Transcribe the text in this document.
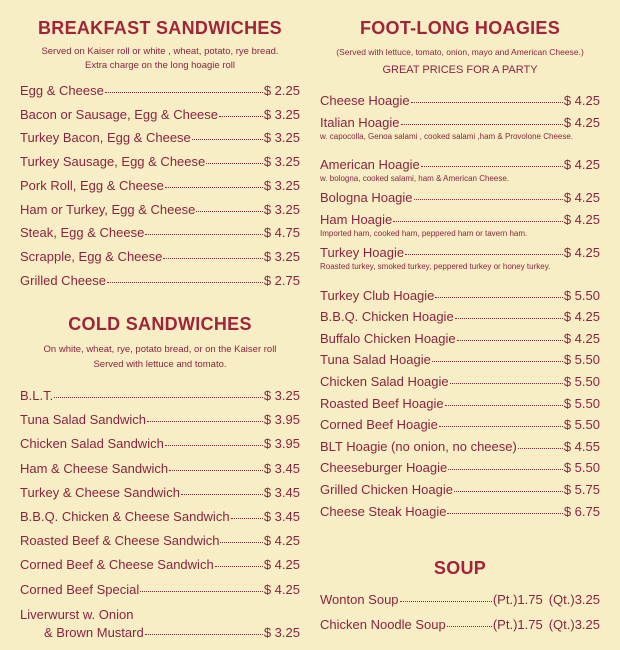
BREAKFAST SANDWICHES
Served on Kaiser roll or white , wheat, potato, rye bread.
Extra charge on the long hoagie roll
Egg & Cheese	$ 2.25
Bacon or Sausage, Egg & Cheese	$ 3.25
Turkey Bacon, Egg & Cheese	$ 3.25
Turkey Sausage, Egg & Cheese	$ 3.25
Pork Roll, Egg & Cheese	$ 3.25
Ham or Turkey, Egg & Cheese	$ 3.25
Steak, Egg & Cheese	$ 4.75
Scrapple, Egg & Cheese	$ 3.25
Grilled Cheese	$ 2.75
COLD SANDWICHES
On white, wheat, rye, potato bread, or on the Kaiser roll
Served with lettuce and tomato.
B.L.T.	$ 3.25
Tuna Salad Sandwich	$ 3.95
Chicken Salad Sandwich	$ 3.95
Ham & Cheese Sandwich	$ 3.45
Turkey & Cheese Sandwich	$ 3.45
B.B.Q. Chicken & Cheese Sandwich	$ 3.45
Roasted Beef & Cheese Sandwich	$ 4.25
Corned Beef & Cheese Sandwich	$ 4.25
Corned Beef Special	$ 4.25
Liverwurst w. Onion
& Brown Mustard	$ 3.25
FOOT-LONG HOAGIES
(Served with lettuce, tomato, onion, mayo and American Cheese.)
GREAT PRICES FOR A PARTY
Cheese Hoagie	$ 4.25
Italian Hoagie	$ 4.25
w. capocolla, Genoa salami , cooked salami ,ham & Provolone Cheese.
American Hoagie	$ 4.25
w. bologna, cooked salami, ham & American Cheese.
Bologna Hoagie	$ 4.25
Ham Hoagie	$ 4.25
Imported ham, cooked ham, peppered ham or tavern ham.
Turkey Hoagie	$ 4.25
Roasted turkey, smoked turkey, peppered turkey or honey turkey.
Turkey Club Hoagie	$ 5.50
B.B.Q. Chicken Hoagie	$ 4.25
Buffalo Chicken Hoagie	$ 4.25
Tuna Salad Hoagie	$ 5.50
Chicken Salad Hoagie	$ 5.50
Roasted Beef Hoagie	$ 5.50
Corned Beef Hoagie	$ 5.50
BLT Hoagie (no onion, no cheese)	$ 4.55
Cheeseburger Hoagie	$ 5.50
Grilled Chicken Hoagie	$ 5.75
Cheese Steak Hoagie	$ 6.75
SOUP
Wonton Soup	(Pt.)1.75 (Qt.)3.25
Chicken Noodle Soup	(Pt.)1.75 (Qt.)3.25
